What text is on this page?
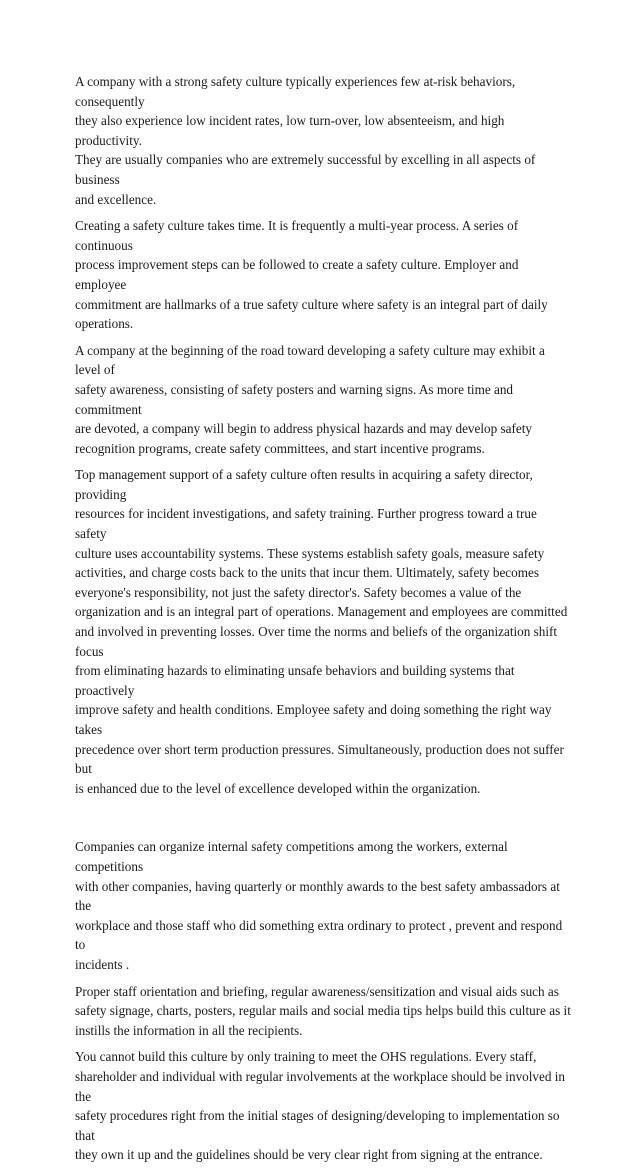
A company with a strong safety culture typically experiences few at-risk behaviors, consequently
they also experience low incident rates, low turn-over, low absenteeism, and high productivity.
They are usually companies who are extremely successful by excelling in all aspects of business
and excellence.

Creating a safety culture takes time. It is frequently a multi-year process. A series of continuous
process improvement steps can be followed to create a safety culture. Employer and employee
commitment are hallmarks of a true safety culture where safety is an integral part of daily
operations.

A company at the beginning of the road toward developing a safety culture may exhibit a level of
safety awareness, consisting of safety posters and warning signs. As more time and commitment
are devoted, a company will begin to address physical hazards and may develop safety
recognition programs, create safety committees, and start incentive programs.

Top management support of a safety culture often results in acquiring a safety director, providing
resources for incident investigations, and safety training. Further progress toward a true safety
culture uses accountability systems. These systems establish safety goals, measure safety
activities, and charge costs back to the units that incur them. Ultimately, safety becomes
everyone's responsibility, not just the safety director's. Safety becomes a value of the
organization and is an integral part of operations. Management and employees are committed
and involved in preventing losses. Over time the norms and beliefs of the organization shift focus
from eliminating hazards to eliminating unsafe behaviors and building systems that proactively
improve safety and health conditions. Employee safety and doing something the right way takes
precedence over short term production pressures. Simultaneously, production does not suffer but
is enhanced due to the level of excellence developed within the organization.

Companies can organize internal safety competitions among the workers, external competitions
with other companies, having quarterly or monthly awards to the best safety ambassadors at the
workplace and those staff who did something extra ordinary to protect , prevent and respond to
incidents .

Proper staff orientation and briefing, regular awareness/sensitization and visual aids such as
safety signage, charts, posters, regular mails and social media tips helps build this culture as it
instills the information in all the recipients.

You cannot build this culture by only training to meet the OHS regulations. Every staff,
shareholder and individual with regular involvements at the workplace should be involved in the
safety procedures right from the initial stages of designing/developing to implementation so that
they own it up and the guidelines should be very clear right from signing at the entrance.
